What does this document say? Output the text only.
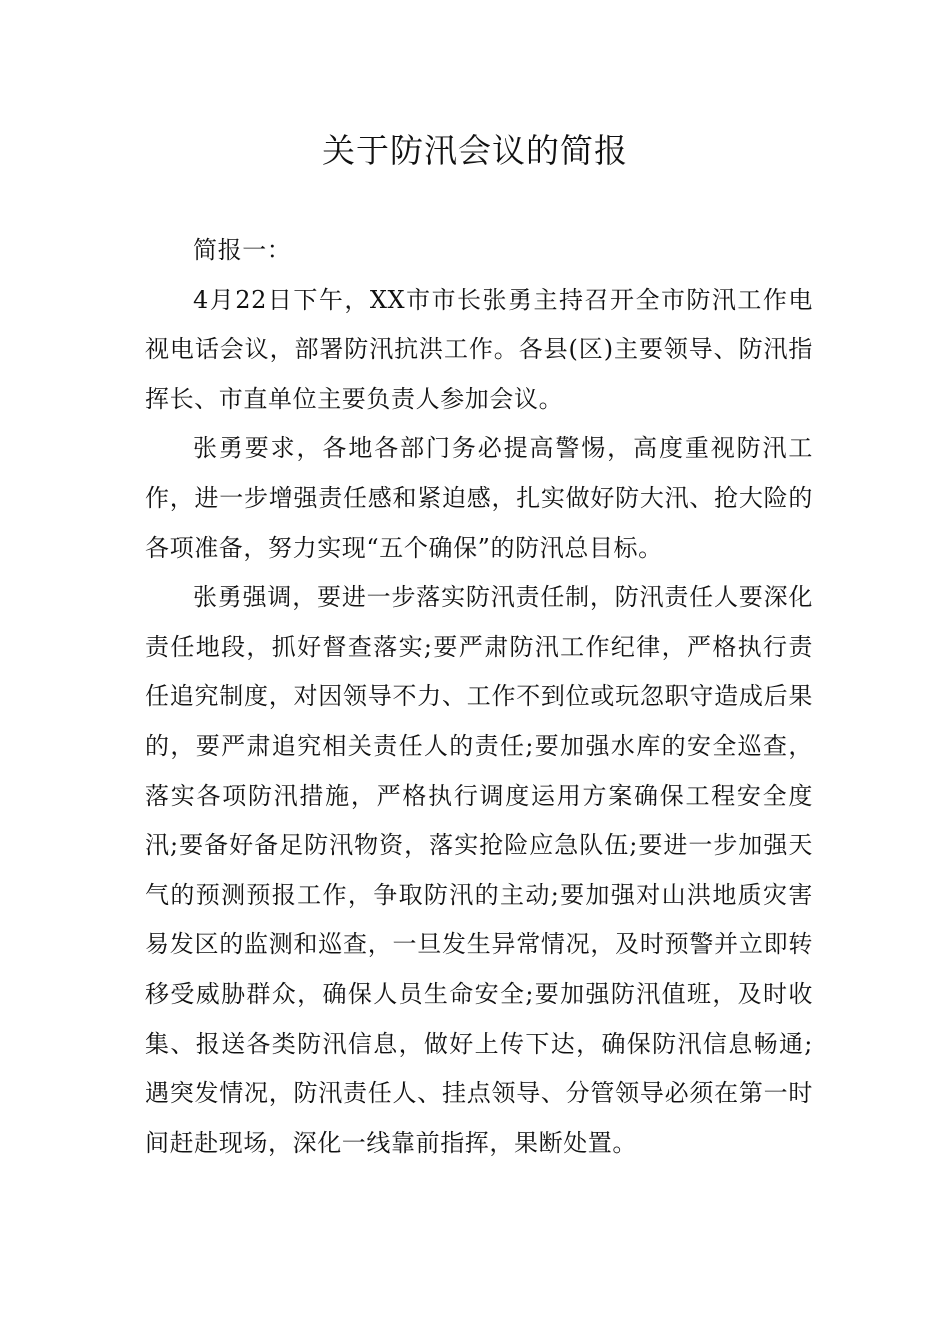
关于防汛会议的简报

简报一：

4月22日下午，XX市市长张勇主持召开全市防汛工作电视电话会议，部署防汛抗洪工作。各县(区)主要领导、防汛指挥长、市直单位主要负责人参加会议。

张勇要求，各地各部门务必提高警惕，高度重视防汛工作，进一步增强责任感和紧迫感，扎实做好防大汛、抢大险的各项准备，努力实现“五个确保”的防汛总目标。

张勇强调，要进一步落实防汛责任制，防汛责任人要深化责任地段，抓好督查落实;要严肃防汛工作纪律，严格执行责任追究制度，对因领导不力、工作不到位或玩忽职守造成后果的，要严肃追究相关责任人的责任;要加强水库的安全巡查，落实各项防汛措施，严格执行调度运用方案确保工程安全度汛;要备好备足防汛物资，落实抢险应急队伍;要进一步加强天气的预测预报工作，争取防汛的主动;要加强对山洪地质灾害易发区的监测和巡查，一旦发生异常情况，及时预警并立即转移受威胁群众，确保人员生命安全;要加强防汛值班，及时收集、报送各类防汛信息，做好上传下达，确保防汛信息畅通;遇突发情况，防汛责任人、挂点领导、分管领导必须在第一时间赶赴现场，深化一线靠前指挥，果断处置。
